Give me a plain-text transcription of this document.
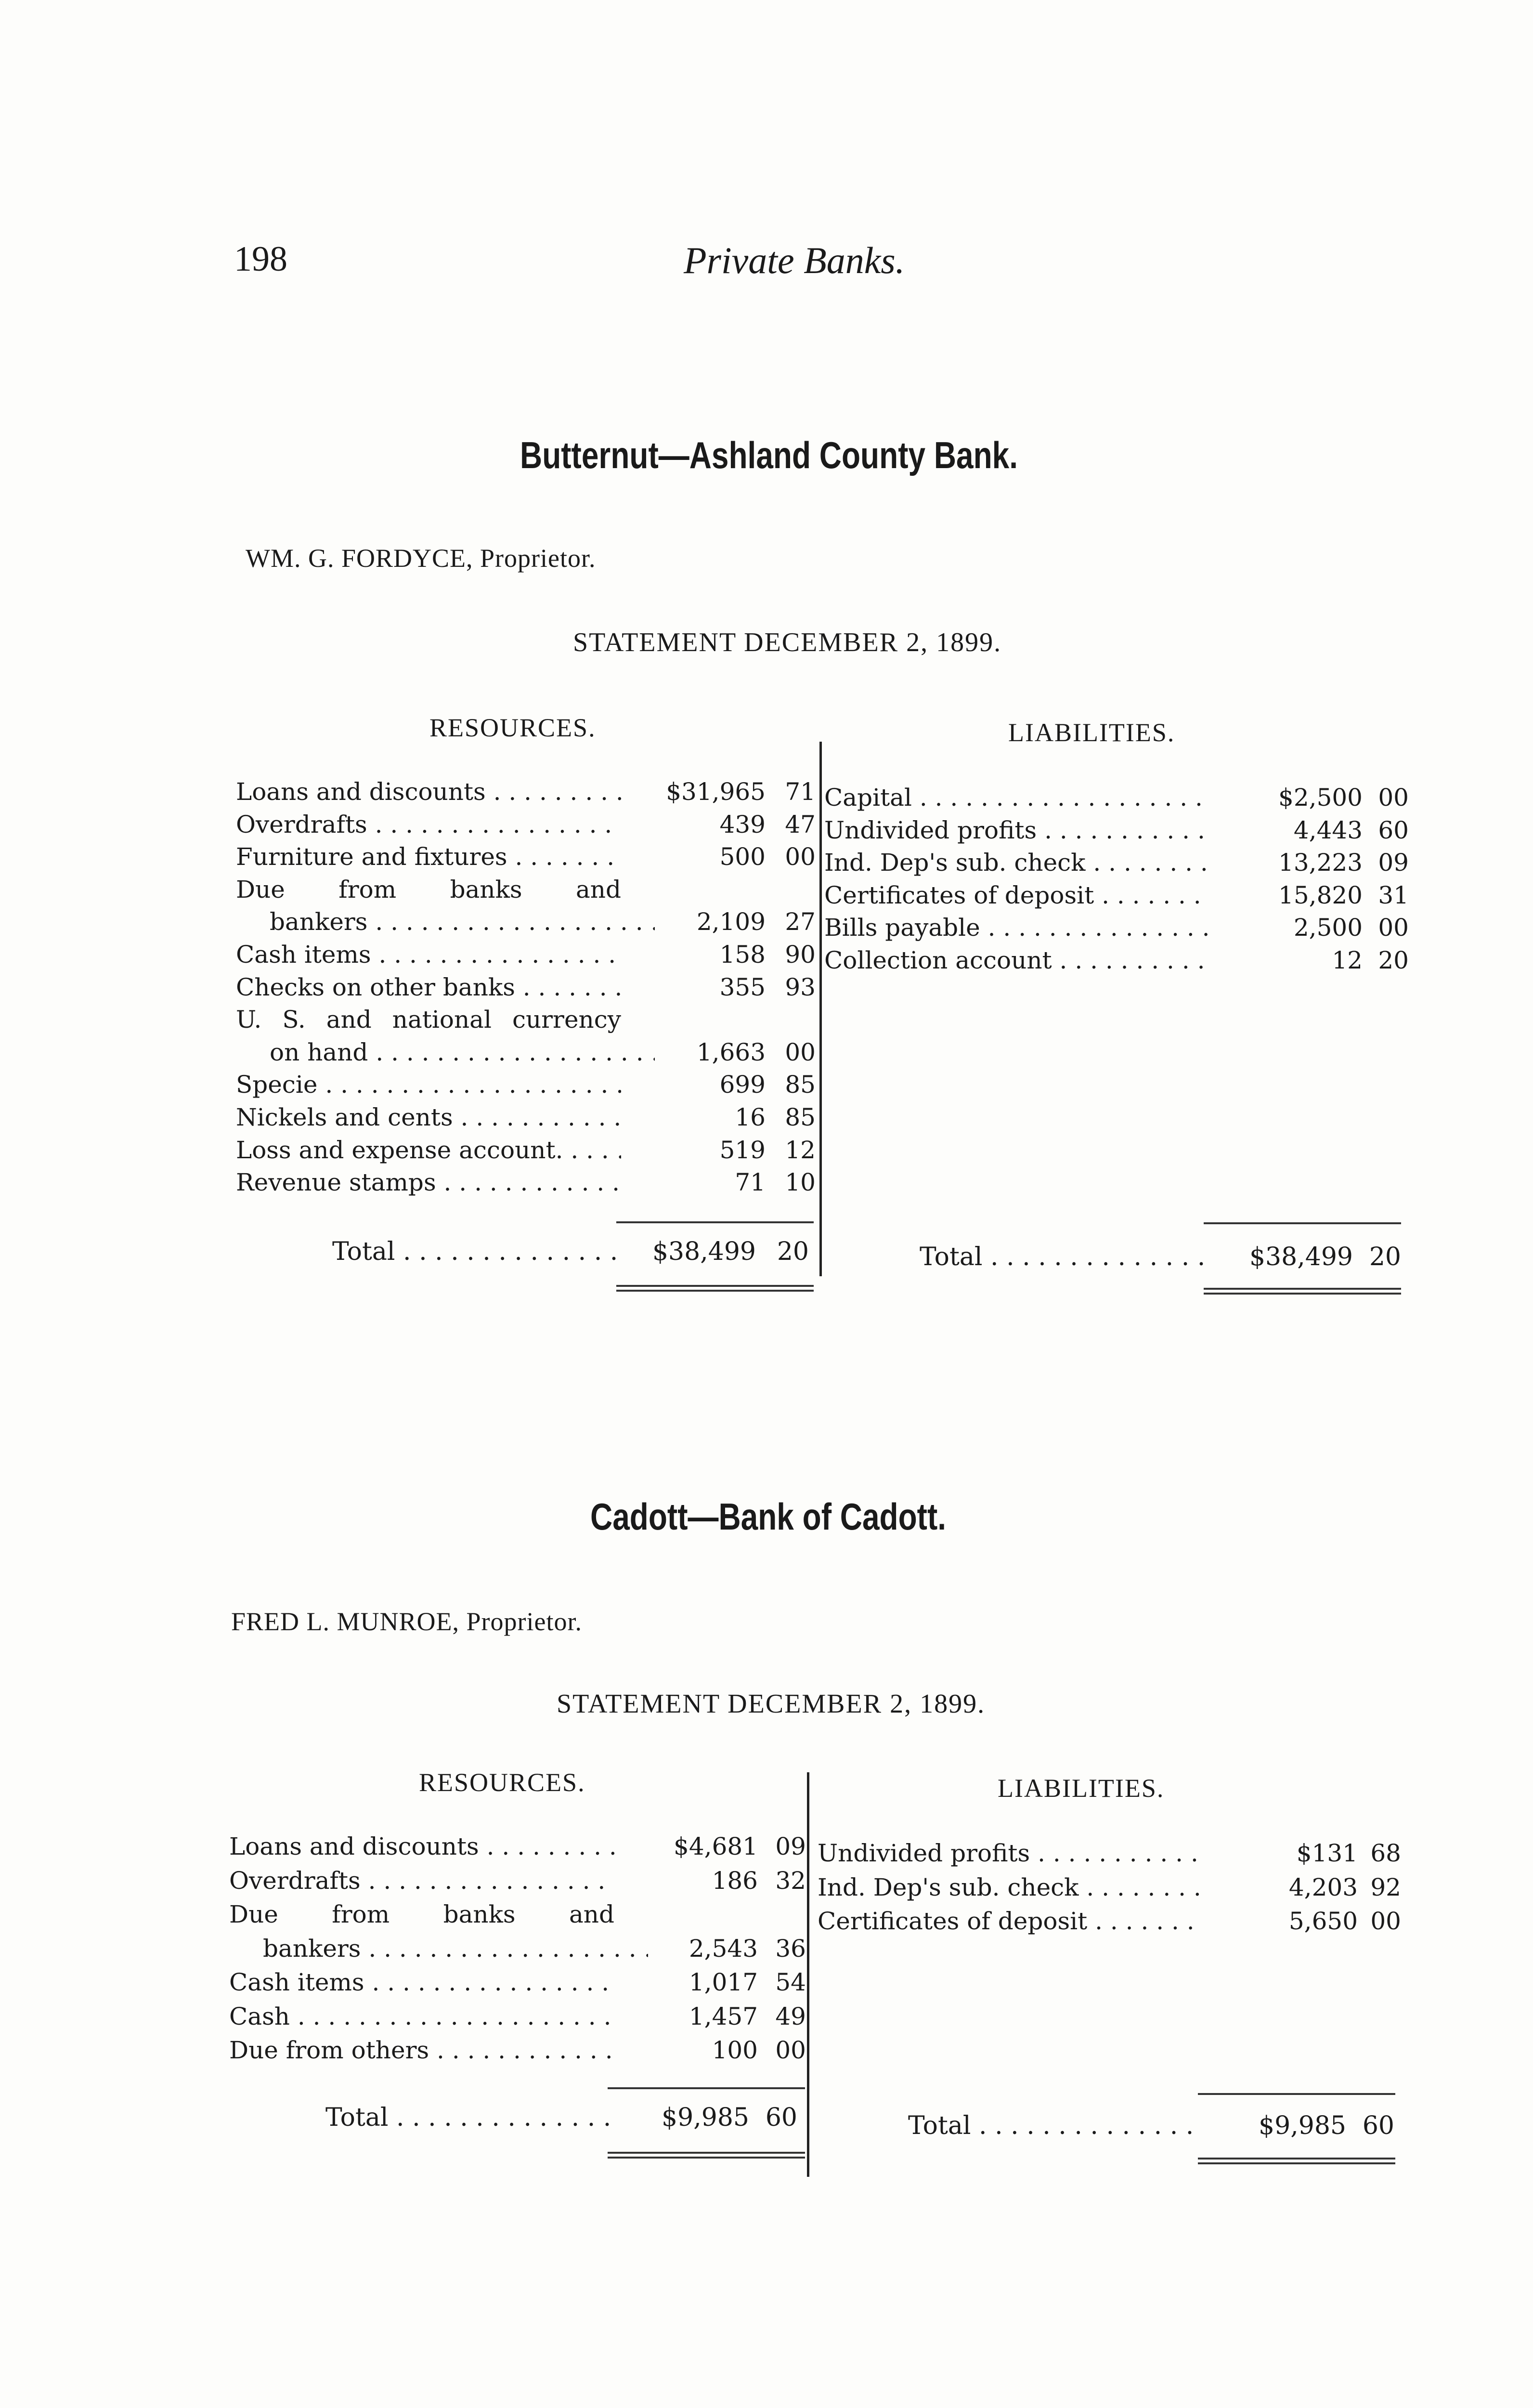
198	Private Banks.
Butternut—Ashland County Bank.
WM. G. FORDYCE, Proprietor.
STATEMENT DECEMBER 2, 1899.
RESOURCES.	LIABILITIES.
Loans and discounts . . .	$31,965 71
Overdrafts . . .	439 47
Furniture and fixtures . . .	500 00
Due from banks and
bankers . . .	2,109 27
Cash items . . .	158 90
Checks on other banks . . .	355 93
U. S. and national currency
on hand . . .	1,663 00
Specie . . .	699 85
Nickels and cents . . .	16 85
Loss and expense account. . . .	519 12
Revenue stamps . . .	71 10
Capital . . .	$2,500 00
Undivided profits . . .	4,443 60
Ind. Dep's sub. check . . .	13,223 09
Certificates of deposit . . .	15,820 31
Bills payable . . .	2,500 00
Collection account . . .	12 20
Total . . .	$38,499 20	Total . . .	$38,499 20
Cadott—Bank of Cadott.
FRED L. MUNROE, Proprietor.
STATEMENT DECEMBER 2, 1899.
RESOURCES.	LIABILITIES.
Loans and discounts . . .	$4,681 09
Overdrafts . . .	186 32
Due from banks and
bankers . . .	2,543 36
Cash items . . .	1,017 54
Cash . . .	1,457 49
Due from others . . .	100 00
Undivided profits . . .	$131 68
Ind. Dep's sub. check . . .	4,203 92
Certificates of deposit . . .	5,650 00
Total . . .	$9,985 60	Total . . .	$9,985 60
